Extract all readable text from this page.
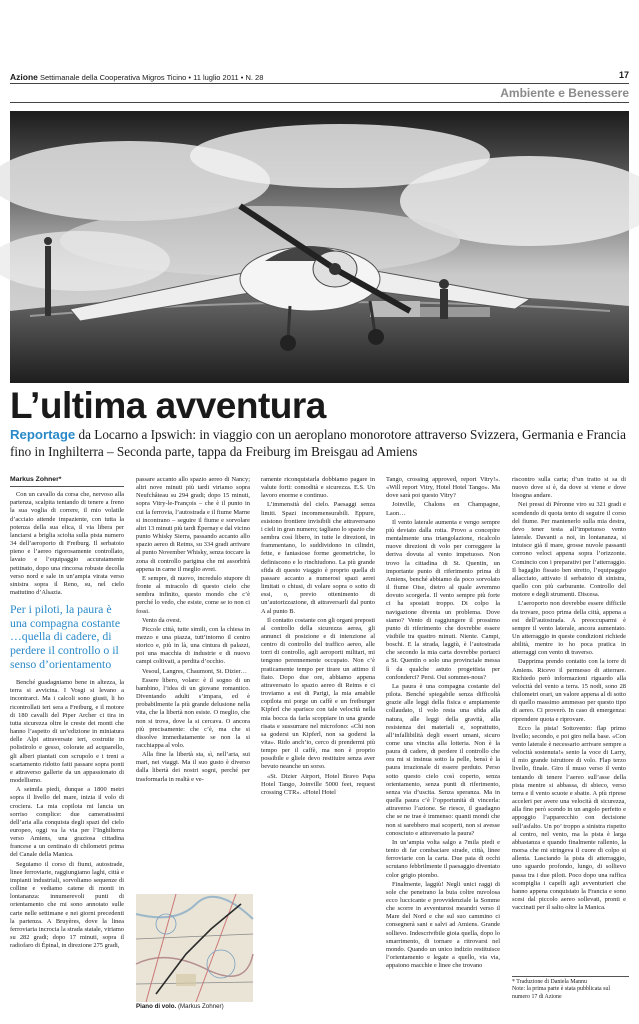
Azione Settimanale della Cooperativa Migros Ticino • 11 luglio 2011 • N. 28	17
Ambiente e Benessere
L’ultima avventura
Reportage da Locarno a Ipswich: in viaggio con un aeroplano monorotore attraverso Svizzera, Germania e Francia fino in Inghilterra – Seconda parte, tappa da Freiburg im Breisgau ad Amiens
Markus Zohner*

Con un cavallo da corsa che, nervoso alla partenza, scalpita tentando di tenere a freno la sua voglia di correre, il mio volatile d’acciaio attende impaziente, con tutta la potenza della sua elica, il via libera per lanciarsi a briglia sciolta sulla pista numero 34 dell’aeroporto di Freiburg. Il serbatoio pieno e l’aereo rigorosamente controllato, lavato e l’equipaggio accuratamente pettinato, dopo una rincorsa robuste decolla verso nord e sale in un’ampia virata verso sinistra sopra il Reno, su, nel cielo mattutino d’Alsazia.

Per i piloti, la paura è una compagna costante …quella di cadere, di perdere il controllo o il senso d’orientamento

Benché guadagniamo bene in altezza, la terra si avvicina. I Vosgi si levano a incontrarci. Ma i calcoli sono giusti, li ho ricontrollati ieri sera a Freiburg, e il motore di 180 cavalli del Piper Archer ci tira in tutta sicurezza oltre le creste dei monti che hanno l’aspetto di un’edizione in miniatura delle Alpi attraversate ieri, costruite in polistirolo e gesso, colorate ad acquarello, gli alberi piantati con scrupolo e i treni a scartamento ridotto fatti passare sopra ponti e attraverso gallerie da un appassionato di modellismo.

A seimila piedi, dunque a 1800 metri sopra il livello del mare, inizia il volo di crociera. La mia copilota mi lancia un sorriso complice: due cameratissimi dell’aria alla conquista degli spazi del cielo europeo, oggi va la via per l’Inghilterra verso Amiens, una graziosa cittadina francese a un centinaio di chilometri prima del Canale della Manica.

Seguiamo il corso di fiumi, autostrade, linee ferroviarie, raggiungiamo laghi, città e impianti industriali, sorvoliamo sequenze di colline e vediamo catene di monti in lontananza: innumerevoli punti di orientamento che mi sono annotato sulle carte nelle settimane e nei giorni precedenti la partenza. A Bruyères, dove la linea ferroviaria incrocia la strada statale, viriamo su 282 gradi; dopo 17 minuti, sopra il radiofaro di Épinal, in direzione 275 gradi,

passare accanto allo spazio aereo di Nancy; altri nove minuti più tardi viriamo sopra Neufchâteau su 294 gradi; dopo 15 minuti, sopra Vitry-le-François – che è il punto in cui la ferrovia, l’autostrada e il fiume Marne si incontrano – seguire il fiume e sorvolare altri 13 minuti più tardi Épernay e dal vicino punto Whisky Sierra, passando accanto allo spazio aereo di Reims, su 334 gradi arrivare al punto November Whisky, senza toccare la zona di controllo parigina che mi assorbirà appena in carne il meglio avrei.

E sempre, di nuovo, incredulo stupore di fronte al miracolo di questo cielo che sembra infinito, questo mondo che c’è perché lo vedo, che esiste, come se io non ci fossi.

Vento da ovest.

Piccole città, tutte simili, con la chiesa in mezzo e una piazza, tutt’intorno il centro storico e, più in là, una cintura di palazzi, poi una macchia di industrie e di nuovo campi coltivati, a perdita d’occhio.

Vesoul, Langres, Chaumont, St. Dizier…

Essere libero, volare: è il sogno di un bambino, l’idea di un giovane romantico. Diventando adulti s’impara, ed è probabilmente la più grande delusione nella vita, che la libertà non esiste. O meglio, che non si trova, dove la si cercava. O ancora più precisamente: che c’è, ma che si dissolve immediatamente se non la si racchiappa al volo.

Alla fine la libertà sta, sì, nell’aria, sui mari, nei viaggi. Ma il suo gusto è diverso dalla libertà dei nostri sogni, perché per trasformarla in realtà e ve-

Piano di volo. (Markus Zohner)

ramente riconquistarla dobbiamo pagare in valute forti: comodità e sicurezza. E.S. Un lavoro enorme e continuo.

L’immensità del cielo. Paesaggi senza limiti. Spazi incommensurabili. Eppure, esistono frontiere invisibili che attraversano i cieli in gran numero; tagliano lo spazio che sembra così libero, in tutte le direzioni, in frammentano, lo suddividono in cilindri, fette, e fantasiose forme geometriche, lo definiscono e lo rinchiudono. La più grande sfida di questo viaggio è proprio quella di passare accanto a numerosi spazi aerei limitati o chiusi, di volare sopra o sotto di essi, o, previo ottenimento di un’autorizzazione, di attraversarli dal punto A al punto B.

Il contatto costante con gli organi preposti al controllo della sicurezza aerea, gli annunci di posizione e di intenzione al centro di controllo del traffico aereo, alle torri di controllo, agli aeroporti militari, mi tengono perennemente occupato. Non c’è praticamente tempo per tirare un attimo il fiato. Dopo due ore, abbiamo appena attraversato lo spazio aereo di Reims e ci troviamo a est di Parigi, la mia amabile copilota mi porge un caffè e un freiburger Kipferl che sparisce con tale velocità nella mia bocca da farla scoppiare in una grande risata e sussurrare nel microfono: «Chi non sa godersi un Kipferl, non sa godersi la vita». Rido anch’io, cerco di prendermi più tempo per il caffè, ma non è proprio possibile e gliele devo restituire senza aver bevuto neanche un sorso.

«St. Dizier Airport, Hotel Bravo Papa Hotel Tango, Joinville 5000 feet, request crossing CTR». «Hotel Hotel

Tango, crossing approved, report Vitry!». «Will report Vitry, Hotel Hotel Tango». Ma dove sarà poi questo Vitry?

Joinville, Chalons en Champagne, Laon…

Il vento laterale aumenta e vengo sempre più deviato dalla rotta. Provo a concepire mentalmente una triangolazione, ricalcolo nuove direzioni di volo per correggere la deriva dovuta al vento impetuoso. Non trovo la cittadina di St. Quentin, un importante punto di riferimento prima di Amiens, benché abbiamo da poco sorvolato il fiume Oise, dietro al quale avremmo dovuto scorgerla. Il vento sempre più forte ci ha spostati troppo. Di colpo la navigazione diventa un problema. Dove siamo? Vento di raggiungere il prossimo punto di riferimento che dovrebbe essere visibile tra quattro minuti. Niente. Campi, boschi. E la strada, laggiù, è l’autostrada che secondo la mia carta dovrebbe portarci a St. Quentin o solo una provinciale messa lì da qualche astuto progettista per confonderci? Persi. Oui sommes-nous?

La paura è una compagna costante del pilota. Benché spiegabile senza difficoltà grazie alle leggi della fisica e ampiamente collaudato, il volo resta una sfida alla natura, alle leggi della gravità, alla resistenza dei materiali e, soprattutto, all’infallibilità degli esseri umani, sicuro come una vincita alla lotteria. Non è la paura di cadere, di perdere il controllo che ora mi si insinua sotto la pelle, bensì è la paura irrazionale di essere perduto. Perso sotto questo cielo così coperto, senza orientamento, senza punti di riferimento, senza via d’uscita. Senza speranza. Ma in quella paura c’è l’opportunità di vincerla: attraverso l’azione. Se riesce, il guadagno che se ne trae è immenso: quanti mondi che non si sarebbero mai scoperti, non si avesse conosciuto e attraversato la paura?

In un’ampia volta salgo a 7mila piedi e tento di far combaciare strade, città, linee ferroviarie con la carta. Due paia di occhi scrutano febbrilmente il paesaggio diventato color grigio piombo.

Finalmente, laggiù! Negli unici raggi di sole che penetrano la buia coltre nuvolosa ecco luccicante e provvidenziale la Somme che scorre in avventurosi meandri verso il Mare del Nord e che sul suo cammino ci consegnerà sani e salvi ad Amiens. Grande sollievo. Indescrivibile gioia quella, dopo lo smarrimento, di tornare a ritrovarsi nel mondo. Quando un unico indizio restituisce l’orientamento e legate a quello, via via, appaiono macchie e linee che trovano

riscontro sulla carta; d’un tratto si sa di nuovo dove si è, da dove si viene e dove bisogna andare.

Nei pressi di Péronne viro su 321 gradi e scendendo di quota tento di seguire il corso del fiume. Per mantenerlo sulla mia destra, devo tener testa all’impetuoso vento laterale. Davanti a noi, in lontananza, si intuisce già il mare, grosse nuvole passanti corrono veloci appena sopra l’orizzonte. Comincio con i preparativi per l’atterraggio. Il bagaglio fissato ben stretto, l’equipaggio allacciato, attivato il serbatoio di sinistra, quello con più carburante. Controllo del motore e degli strumenti. Discesa.

L’aeroporto non dovrebbe essere difficile da trovare, poco prima della città, appena a est dell’autostrada. A preoccuparmi è sempre il vento laterale, ancora aumentato. Un atterraggio in queste condizioni richiede abilità, mentre io ho poca pratica in atterraggi con vento di traverso.

Dapprima prendo contatto con la torre di Amiens. Ricevo il permesso di atterrare. Richiedo però informazioni riguardo alla velocità del vento a terra. 15 nodi, sono 28 chilometri orari, un valore appena al di sotto di quello massimo ammesso per questo tipo di aereo. Ci proverò. In caso di emergenza: riprendere quota e riprovare.

Ecco la pista! Sottovento: flap primo livello; secondo, e poi giro nella base. «Con vento laterale è necessario arrivare sempre a velocità sostenuta!» sento la voce di Larry, il mio grande istruttore di volo. Flap terzo livello, finale. Giro il muso verso il vento tentando di tenere l’aereo sull’asse della pista mentre si abbassa, di sbieco, verso terra e il vento scuote e sbatte. A più riprese acceleri per avere una velocità di sicurezza, alla fine però scendo in un angolo perfetto e appoggio l’apparecchio con decisione sull’asfalto. Un po’ troppo a sinistra rispetto al centro, nel vento, ma la pista è larga abbastanza e quando finalmente rallento, la morsa che mi stringeva il cuore di colpo si allenta. Lasciando la pista di atterraggio, uno sguardo profondo, lungo, di sollievo passa tra i due piloti. Poco dopo una raffica scompiglia i capelli agli avventurieri che hanno appena conquistato la Francia e sono scesi dal piccolo aereo sollevati, pronti e vaccinati per il salto oltre la Manica.

* Traduzione di Daniela Mannu
Note: la prima parte è stata pubblicata sul numero 17 di Azione
